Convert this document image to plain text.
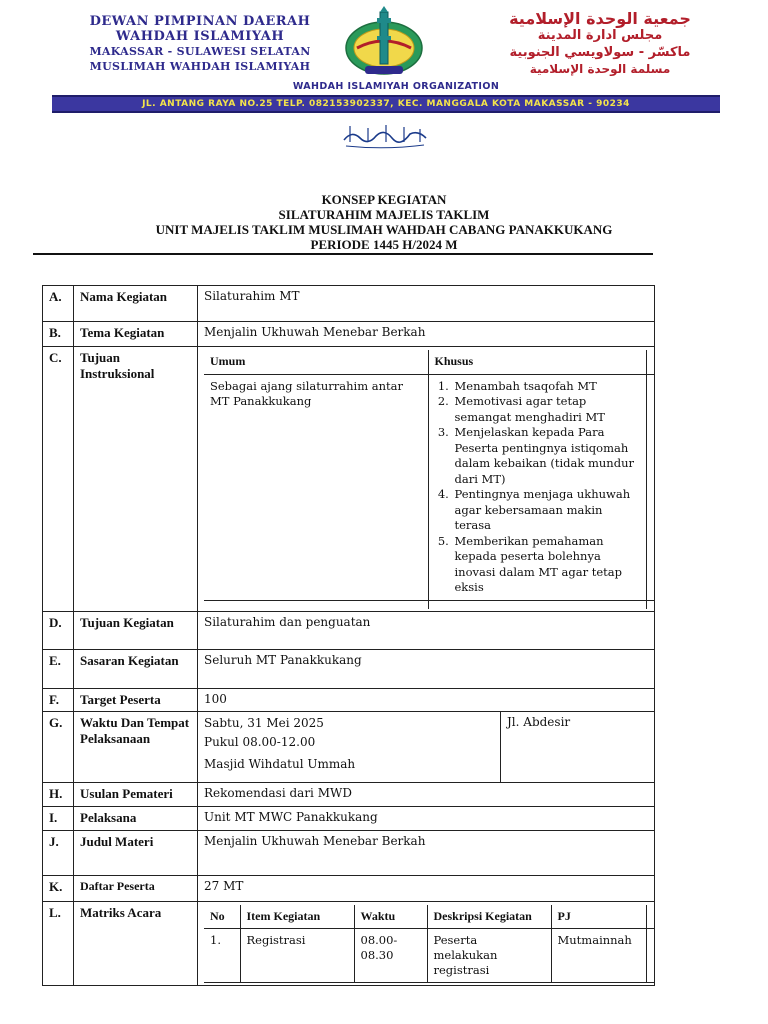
DEWAN PIMPINAN DAERAH
WAHDAH ISLAMIYAH
MAKASSAR - SULAWESI SELATAN
MUSLIMAH WAHDAH ISLAMIYAH
WAHDAH ISLAMIYAH ORGANIZATION
جمعية الوحدة الإسلامية
مجلس ادارة المدينة
ماكسّر - سولاويسي الجنوبية
مسلمة الوحدة الإسلامية
JL. ANTANG RAYA NO.25 TELP. 082153902337, KEC. MANGGALA KOTA MAKASSAR - 90234
KONSEP KEGIATAN
SILATURAHIM MAJELIS TAKLIM
UNIT MAJELIS TAKLIM MUSLIMAH WAHDAH CABANG PANAKKUKANG
PERIODE 1445 H/2024 M
A.	Nama Kegiatan	Silaturahim MT
B.	Tema Kegiatan	Menjalin Ukhuwah Menebar Berkah
C.	Tujuan Instruksional	
Umum	Khusus	
Sebagai ajang silaturrahim antar MT Panakkukang	
1. Menambah tsaqofah MT
2. Memotivasi agar tetap semangat menghadiri MT
3. Menjelaskan kepada Para Peserta pentingnya istiqomah dalam kebaikan (tidak mundur dari MT)
4. Pentingnya menjaga ukhuwah agar kebersamaan makin terasa
5. Memberikan pemahaman kepada peserta bolehnya inovasi dalam MT agar tetap eksis

D.	Tujuan Kegiatan	Silaturahim dan penguatan
E.	Sasaran Kegiatan	Seluruh MT Panakkukang
F.	Target Peserta	100
G.	Waktu Dan Tempat Pelaksanaan	
Sabtu, 31 Mei 2025
Pukul 08.00-12.00
Masjid Wihdatul Ummah
	Jl. Abdesir
H.	Usulan Pemateri	Rekomendasi dari MWD
I.	Pelaksana	Unit MT MWC Panakkukang
J.	Judul Materi	Menjalin Ukhuwah Menebar Berkah
K.	Daftar Peserta	27 MT
L.	Matriks Acara		No	Item Kegiatan	Waktu	Deskripsi Kegiatan	PJ	
1.	Registrasi	08.00-08.30	Peserta melakukan registrasi	Mutmainnah	
